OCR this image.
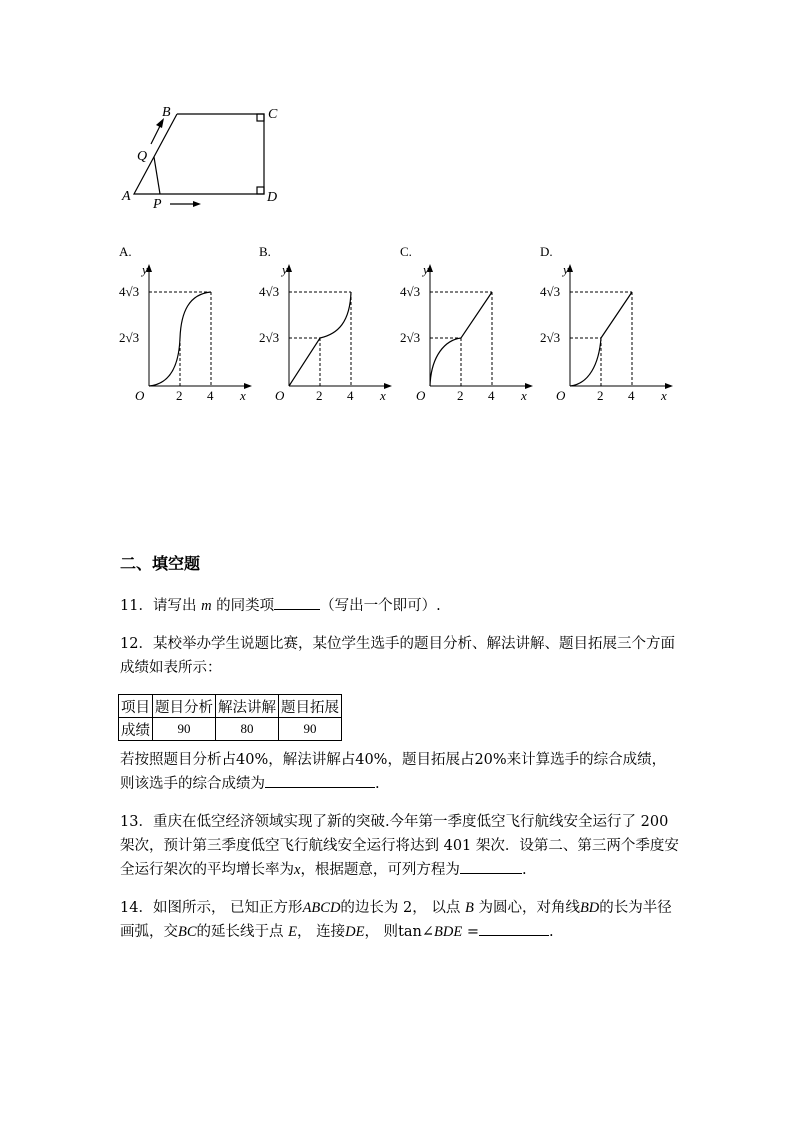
B	C
Q
A
P	D
A.
y
4√3
2√3
O 2 4 x
B.
y
4√3
2√3
O 2 4 x
C.
y
4√3
2√3
O 2 4 x
D.
y
4√3
2√3
O 2 4 x
二、填空题
11．请写出 m 的同类项	（写出一个即可）.
12．某校举办学生说题比赛，某位学生选手的题目分析、解法讲解、题目拓展三个方面成绩如表所示：
项目	题目分析	解法讲解	题目拓展
成绩	90	80	90
若按照题目分析占40%，解法讲解占40%，题目拓展占20%来计算选手的综合成绩，则该选手的综合成绩为	.
13．重庆在低空经济领域实现了新的突破.今年第一季度低空飞行航线安全运行了 200 架次，预计第三季度低空飞行航线安全运行将达到 401 架次．设第二、第三两个季度安全运行架次的平均增长率为x，根据题意，可列方程为	.
14．如图所示， 已知正方形ABCD的边长为 2， 以点 B 为圆心，对角线BD的长为半径画弧，交BC的延长线于点 E， 连接DE， 则tan∠BDE =	.
